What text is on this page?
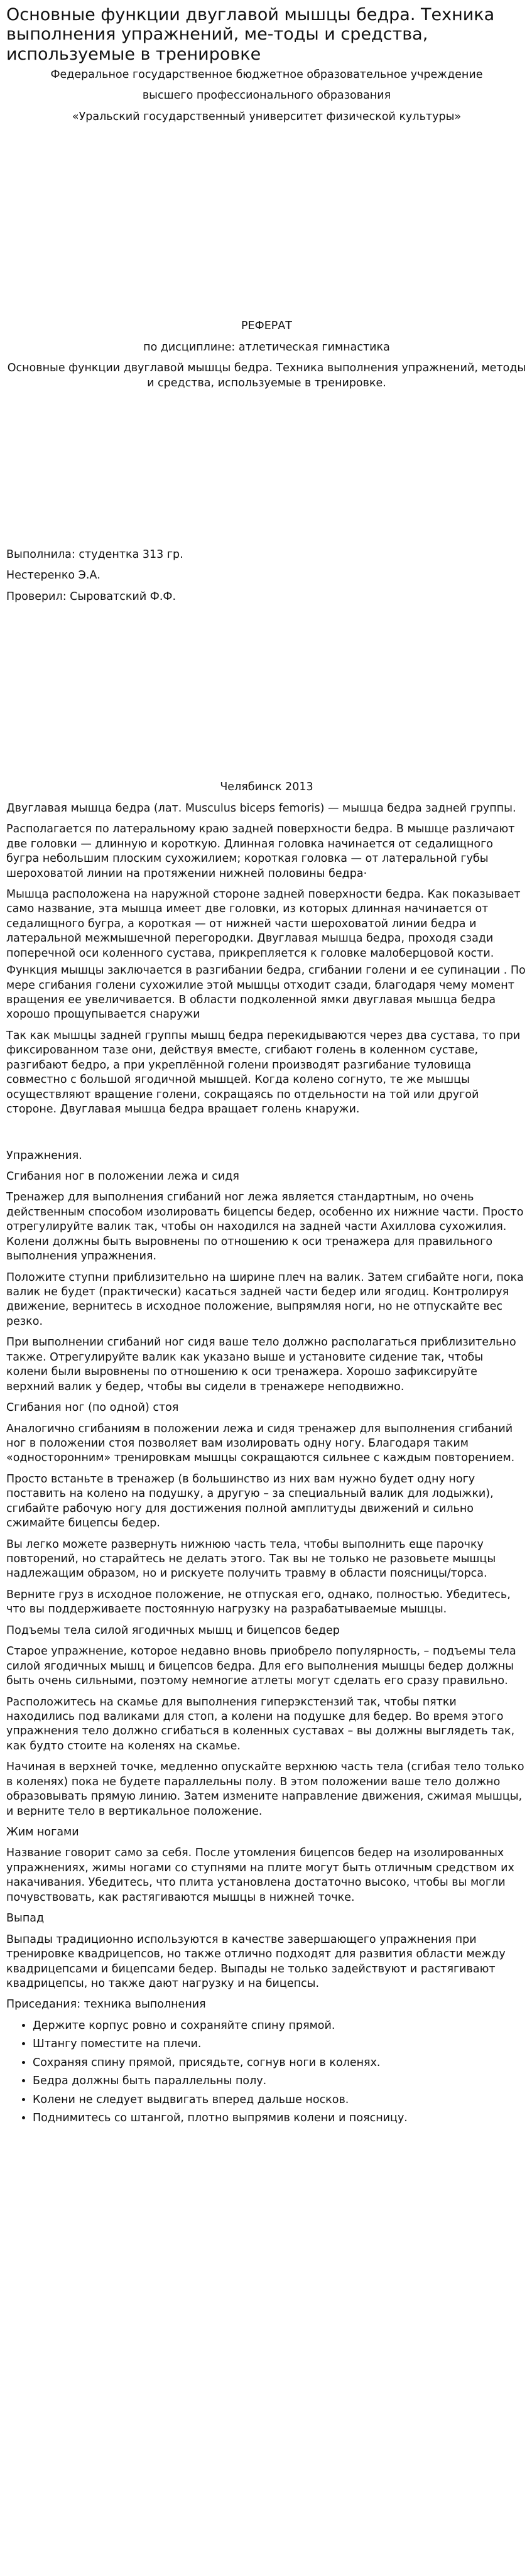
Основные функции двуглавой мышцы бедра. Техника выполнения упражнений, ме-тоды и средства, используемые в тренировке

Федеральное государственное бюджетное образовательное учреждение

высшего профессионального образования

«Уральский государственный университет физической культуры»

РЕФЕРАТ

по дисциплине: атлетическая гимнастика

Основные функции двуглавой мышцы бедра. Техника выполнения упражнений, методы и средства, используемые в тренировке.

Выполнила: студентка 313 гр.

Нестеренко Э.А.

Проверил: Сыроватский Ф.Ф.

Челябинск 2013

Двуглавая мышца бедра (лат. Musculus biceps femoris) — мышца бедра задней группы.

Располагается по латеральному краю задней поверхности бедра. В мышце различают две головки — длинную и короткую. Длинная головка начинается от седалищного бугра небольшим плоским сухожилием; короткая головка — от латеральной губы шероховатой линии на протяжении нижней половины бедра·

Мышца расположена на наружной стороне задней поверхности бедра. Как показывает само название, эта мышца имеет две головки, из которых длинная начинается от седалищного бугра, а короткая — от нижней части шероховатой линии бедра и латеральной межмышечной перегородки. Двуглавая мышца бедра, проходя сзади поперечной оси коленного сустава, прикрепляется к головке малоберцовой кости.

Функция мышцы заключается в разгибании бедра, сгибании голени и ее супинации . По мере сгибания голени сухожилие этой мышцы отходит сзади, благодаря чему момент вращения ее увеличивается. В области подколенной ямки двуглавая мышца бедра хорошо прощупывается снаружи

Так как мышцы задней группы мышц бедра перекидываются через два сустава, то при фиксированном тазе они, действуя вместе, сгибают голень в коленном суставе, разгибают бедро, а при укреплённой голени производят разгибание туловища совместно с большой ягодичной мышцей. Когда колено согнуто, те же мышцы осуществляют вращение голени, сокращаясь по отдельности на той или другой стороне. Двуглавая мышца бедра вращает голень кнаружи.

Упражнения.

Сгибания ног в положении лежа и сидя

Тренажер для выполнения сгибаний ног лежа является стандартным, но очень действенным способом изолировать бицепсы бедер, особенно их нижние части. Просто отрегулируйте валик так, чтобы он находился на задней части Ахиллова сухожилия. Колени должны быть выровнены по отношению к оси тренажера для правильного выполнения упражнения.

Положите ступни приблизительно на ширине плеч на валик. Затем сгибайте ноги, пока валик не будет (практически) касаться задней части бедер или ягодиц. Контролируя движение, вернитесь в исходное положение, выпрямляя ноги, но не отпускайте вес резко.

При выполнении сгибаний ног сидя ваше тело должно располагаться приблизительно также. Отрегулируйте валик как указано выше и установите сидение так, чтобы колени были выровнены по отношению к оси тренажера. Хорошо зафиксируйте верхний валик у бедер, чтобы вы сидели в тренажере неподвижно.

Сгибания ног (по одной) стоя

Аналогично сгибаниям в положении лежа и сидя тренажер для выполнения сгибаний ног в положении стоя позволяет вам изолировать одну ногу. Благодаря таким «односторонним» тренировкам мышцы сокращаются сильнее с каждым повторением.

Просто встаньте в тренажер (в большинство из них вам нужно будет одну ногу поставить на колено на подушку, а другую – за специальный валик для лодыжки), сгибайте рабочую ногу для достижения полной амплитуды движений и сильно сжимайте бицепсы бедер.

Вы легко можете развернуть нижнюю часть тела, чтобы выполнить еще парочку повторений, но старайтесь не делать этого. Так вы не только не разовьете мышцы надлежащим образом, но и рискуете получить травму в области поясницы/торса.

Верните груз в исходное положение, не отпуская его, однако, полностью. Убедитесь, что вы поддерживаете постоянную нагрузку на разрабатываемые мышцы.

Подъемы тела силой ягодичных мышц и бицепсов бедер

Старое упражнение, которое недавно вновь приобрело популярность, – подъемы тела силой ягодичных мышц и бицепсов бедра. Для его выполнения мышцы бедер должны быть очень сильными, поэтому немногие атлеты могут сделать его сразу правильно.

Расположитесь на скамье для выполнения гиперэкстензий так, чтобы пятки находились под валиками для стоп, а колени на подушке для бедер. Во время этого упражнения тело должно сгибаться в коленных суставах – вы должны выглядеть так, как будто стоите на коленях на скамье.

Начиная в верхней точке, медленно опускайте верхнюю часть тела (сгибая тело только в коленях) пока не будете параллельны полу. В этом положении ваше тело должно образовывать прямую линию. Затем измените направление движения, сжимая мышцы, и верните тело в вертикальное положение.

Жим ногами

Название говорит само за себя. После утомления бицепсов бедер на изолированных упражнениях, жимы ногами со ступнями на плите могут быть отличным средством их накачивания. Убедитесь, что плита установлена достаточно высоко, чтобы вы могли почувствовать, как растягиваются мышцы в нижней точке.

Выпад

Выпады традиционно используются в качестве завершающего упражнения при тренировке квадрицепсов, но также отлично подходят для развития области между квадрицепсами и бицепсами бедер. Выпады не только задействуют и растягивают квадрицепсы, но также дают нагрузку и на бицепсы.

Приседания: техника выполнения

• Держите корпус ровно и сохраняйте спину прямой.
• Штангу поместите на плечи.
• Сохраняя спину прямой, присядьте, согнув ноги в коленях.
• Бедра должны быть параллельны полу.
• Колени не следует выдвигать вперед дальше носков.
• Поднимитесь со штангой, плотно выпрямив колени и поясницу.
